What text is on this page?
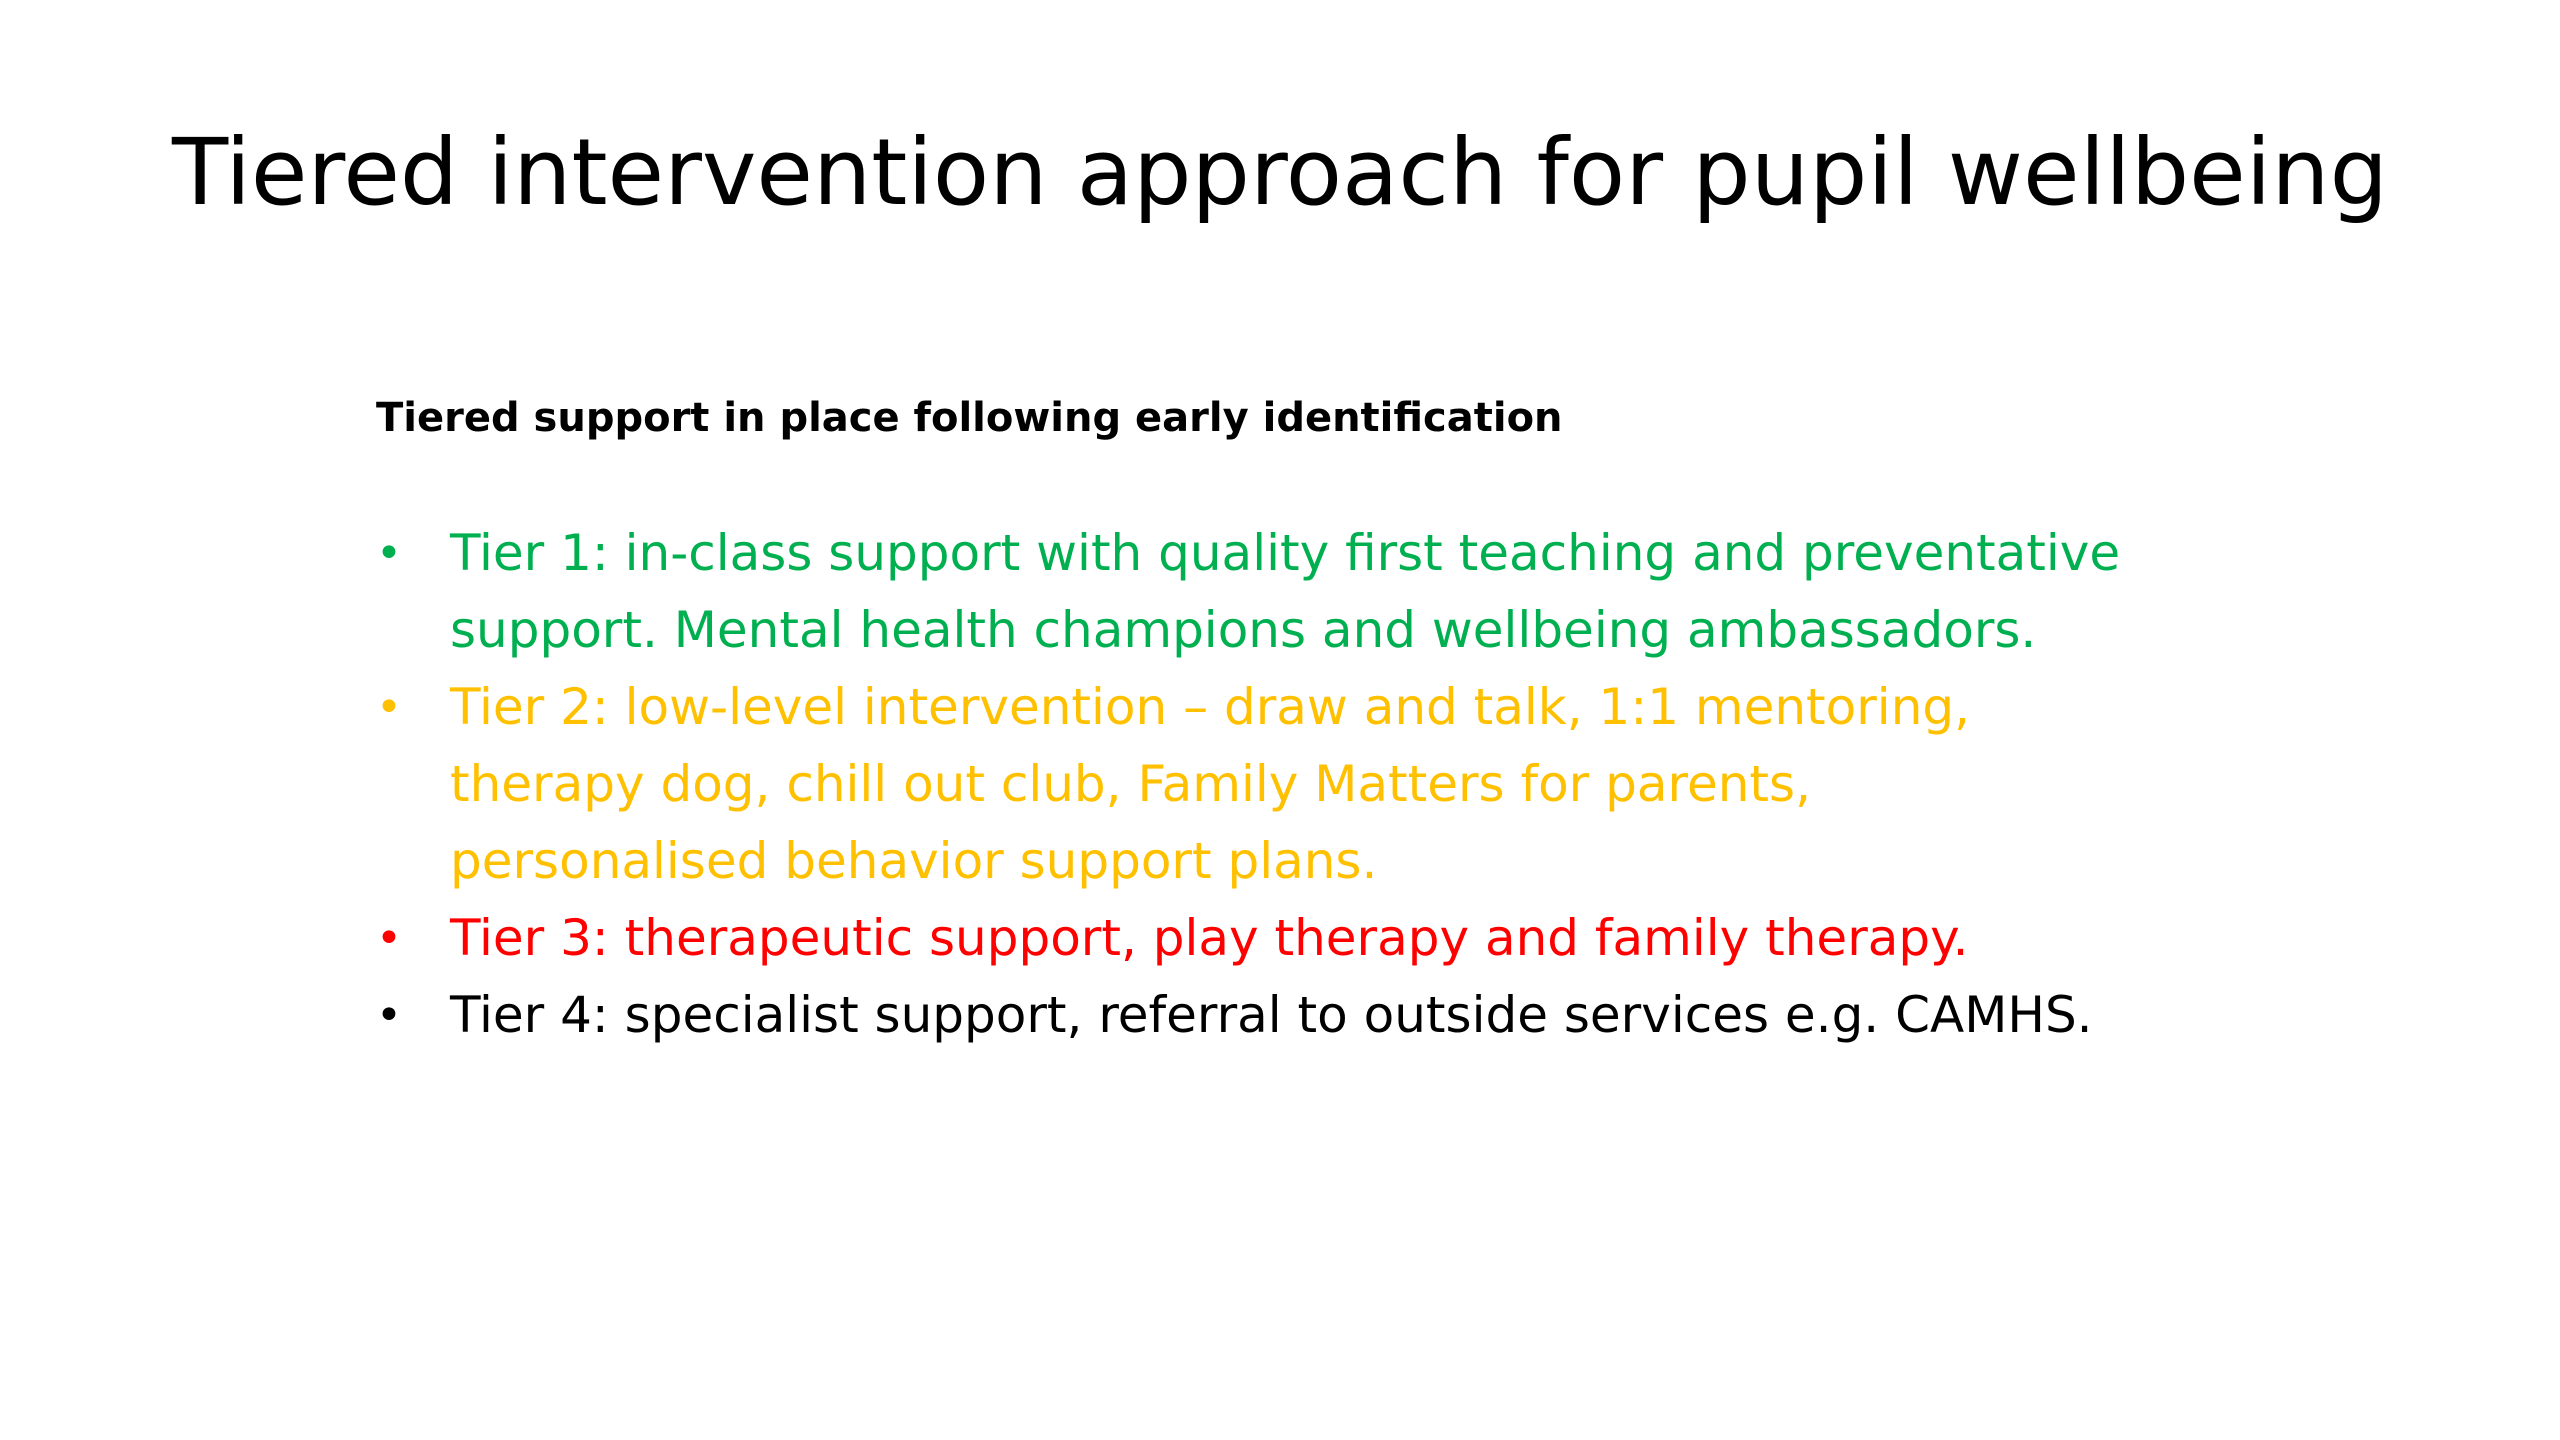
Tiered intervention approach for pupil wellbeing

Tiered support in place following early identification

• Tier 1: in-class support with quality first teaching and preventative support. Mental health champions and wellbeing ambassadors.
• Tier 2: low-level intervention – draw and talk, 1:1 mentoring, therapy dog, chill out club, Family Matters for parents, personalised behavior support plans.
• Tier 3: therapeutic support, play therapy and family therapy.
• Tier 4: specialist support, referral to outside services e.g. CAMHS.
